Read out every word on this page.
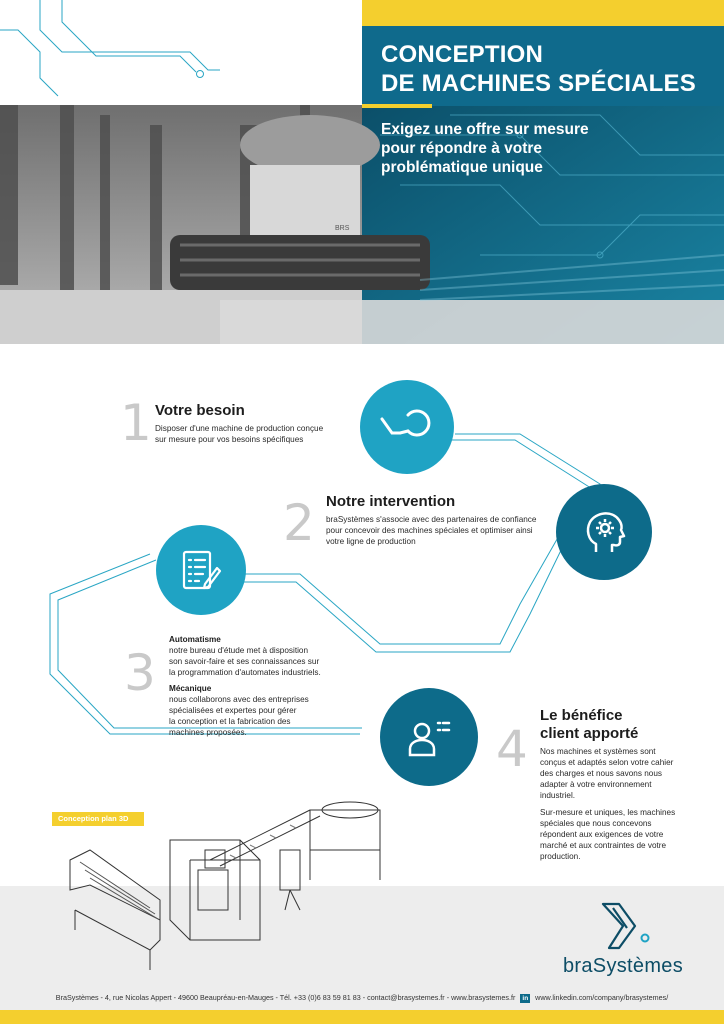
BRS
CONCEPTION
DE MACHINES SPÉCIALES
Exigez une offre sur mesure
pour répondre à votre
problématique unique
1 Votre besoin
Disposer d'une machine de production conçue
sur mesure pour vos besoins spécifiques
2 Notre intervention
braSystèmes s'associe avec des partenaires de confiance
pour concevoir des machines spéciales et optimiser ainsi
votre ligne de production
3
Automatisme
notre bureau d'étude met à disposition
son savoir-faire et ses connaissances sur
la programmation d'automates industriels.
Mécanique
nous collaborons avec des entreprises
spécialisées et expertes pour gérer
la conception et la fabrication des
machines proposées.	4
Le bénéfice
client apporté
Nos machines et systèmes sont
conçus et adaptés selon votre cahier
des charges et nous savons nous
adapter à votre environnement
industriel.
Sur-mesure et uniques, les machines
spéciales que nous concevons
répondent aux exigences de votre
marché et aux contraintes de votre
production.
Conception plan 3D
braSystèmes
BraSystèmes - 4, rue Nicolas Appert - 49600 Beaupréau-en-Mauges - Tél. +33 (0)6 83 59 81 83 - contact@brasystemes.fr - www.brasystemes.fr in www.linkedin.com/company/brasystemes/
